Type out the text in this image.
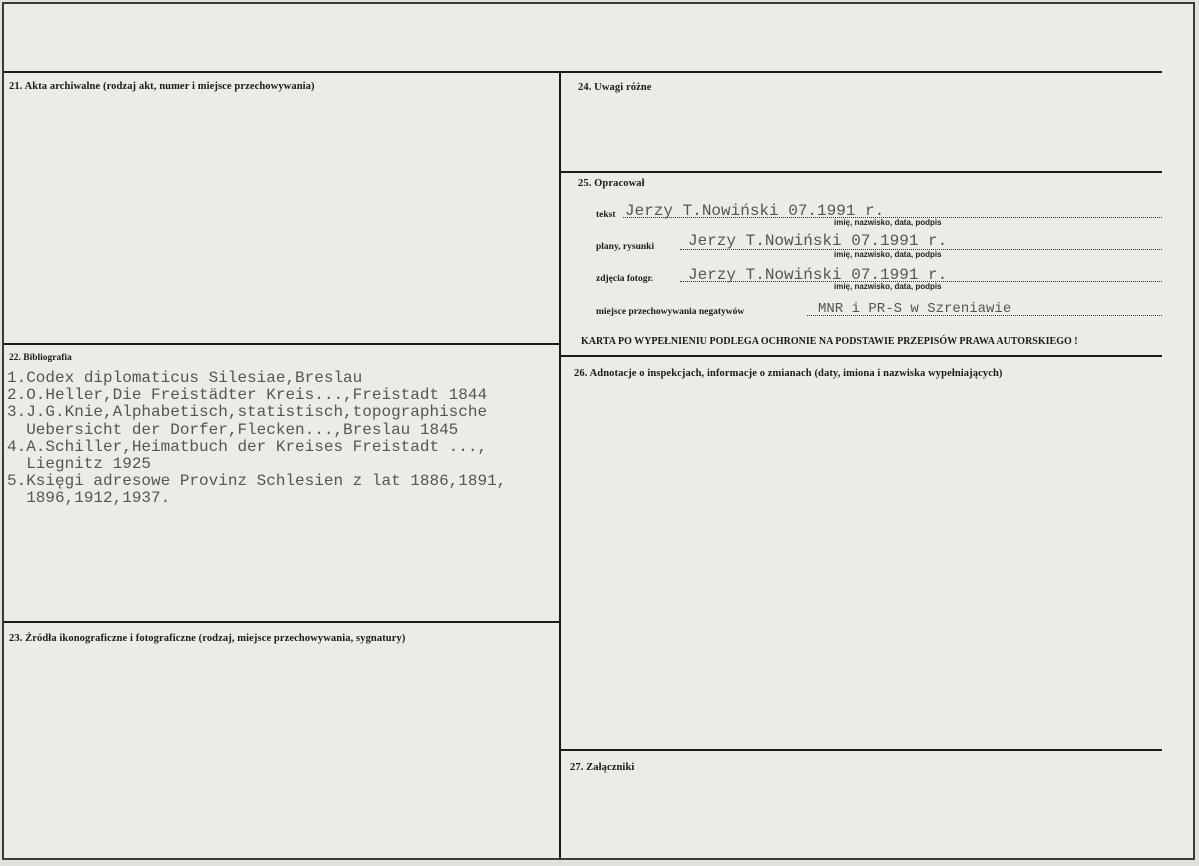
21. Akta archiwalne (rodzaj akt, numer i miejsce przechowywania)
22. Bibliografia
1.Codex diplomaticus Silesiae,Breslau
2.O.Heller,Die Freistädter Kreis...,Freistadt 1844
3.J.G.Knie,Alphabetisch,statistisch,topographische
Uebersicht der Dorfer,Flecken...,Breslau 1845
4.A.Schiller,Heimatbuch der Kreises Freistadt ...,
Liegnitz 1925
5.Księgi adresowe Provinz Schlesien z lat 1886,1891,
1896,1912,1937.
23. Źródła ikonograficzne i fotograficzne (rodzaj, miejsce przechowywania, sygnatury)
24. Uwagi różne
25. Opracował
tekst Jerzy T.Nowiński 07.1991 r.
imię, nazwisko, data, podpis
plany, rysunki Jerzy T.Nowiński 07.1991 r.
imię, nazwisko, data, podpis
zdjęcia fotogr. Jerzy T.Nowiński 07.1991 r.
imię, nazwisko, data, podpis
miejsce przechowywania negatywów	MNR i PR-S w Szreniawie
KARTA PO WYPEŁNIENIU PODLEGA OCHRONIE NA PODSTAWIE PRZEPISÓW PRAWA AUTORSKIEGO !
26. Adnotacje o inspekcjach, informacje o zmianach (daty, imiona i nazwiska wypełniających)
27. Załączniki
